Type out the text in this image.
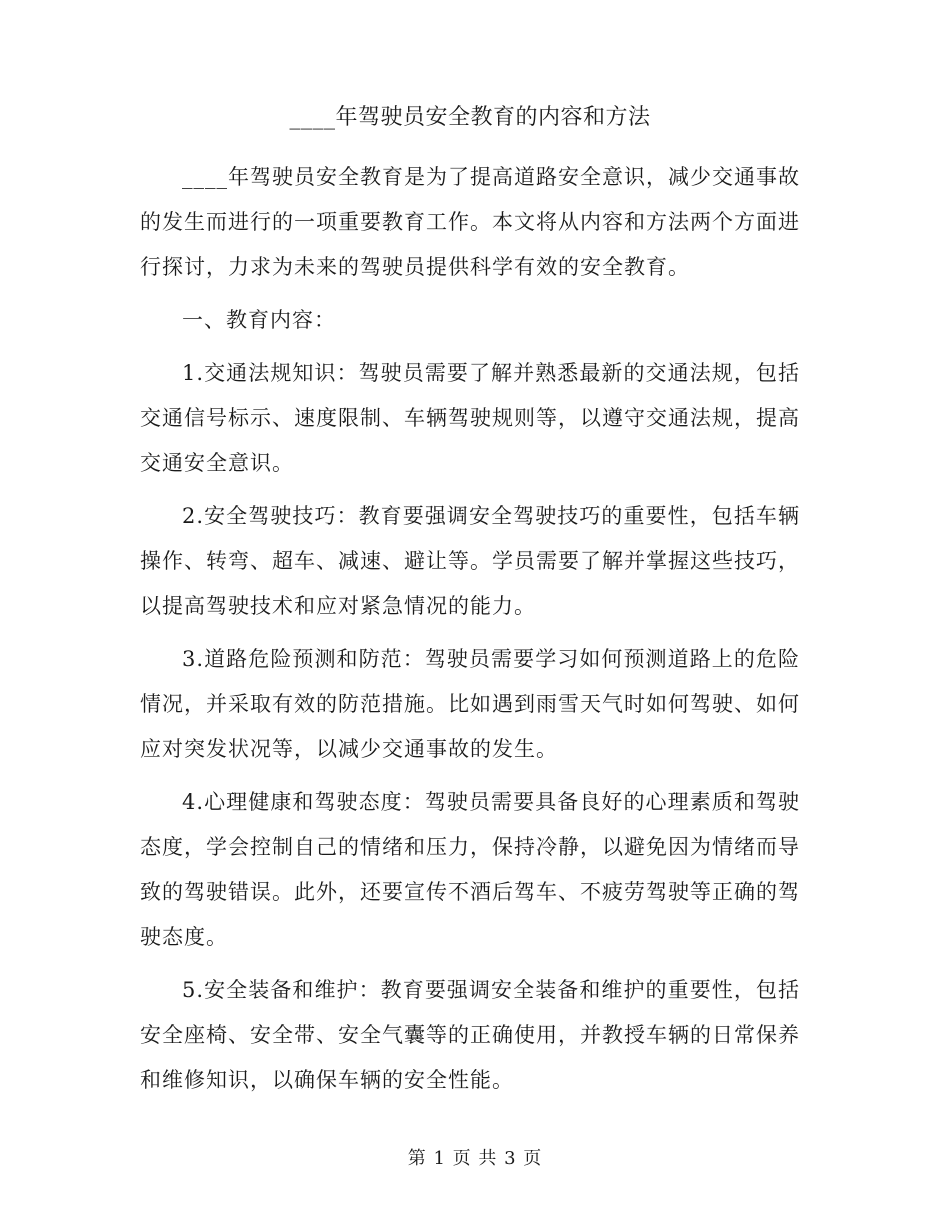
____年驾驶员安全教育的内容和方法

____年驾驶员安全教育是为了提高道路安全意识，减少交通事故的发生而进行的一项重要教育工作。本文将从内容和方法两个方面进行探讨，力求为未来的驾驶员提供科学有效的安全教育。

一、教育内容：

1.交通法规知识：驾驶员需要了解并熟悉最新的交通法规，包括交通信号标示、速度限制、车辆驾驶规则等，以遵守交通法规，提高交通安全意识。

2.安全驾驶技巧：教育要强调安全驾驶技巧的重要性，包括车辆操作、转弯、超车、减速、避让等。学员需要了解并掌握这些技巧，以提高驾驶技术和应对紧急情况的能力。

3.道路危险预测和防范：驾驶员需要学习如何预测道路上的危险情况，并采取有效的防范措施。比如遇到雨雪天气时如何驾驶、如何应对突发状况等，以减少交通事故的发生。

4.心理健康和驾驶态度：驾驶员需要具备良好的心理素质和驾驶态度，学会控制自己的情绪和压力，保持冷静，以避免因为情绪而导致的驾驶错误。此外，还要宣传不酒后驾车、不疲劳驾驶等正确的驾驶态度。

5.安全装备和维护：教育要强调安全装备和维护的重要性，包括安全座椅、安全带、安全气囊等的正确使用，并教授车辆的日常保养和维修知识，以确保车辆的安全性能。

第 1 页 共 3 页
